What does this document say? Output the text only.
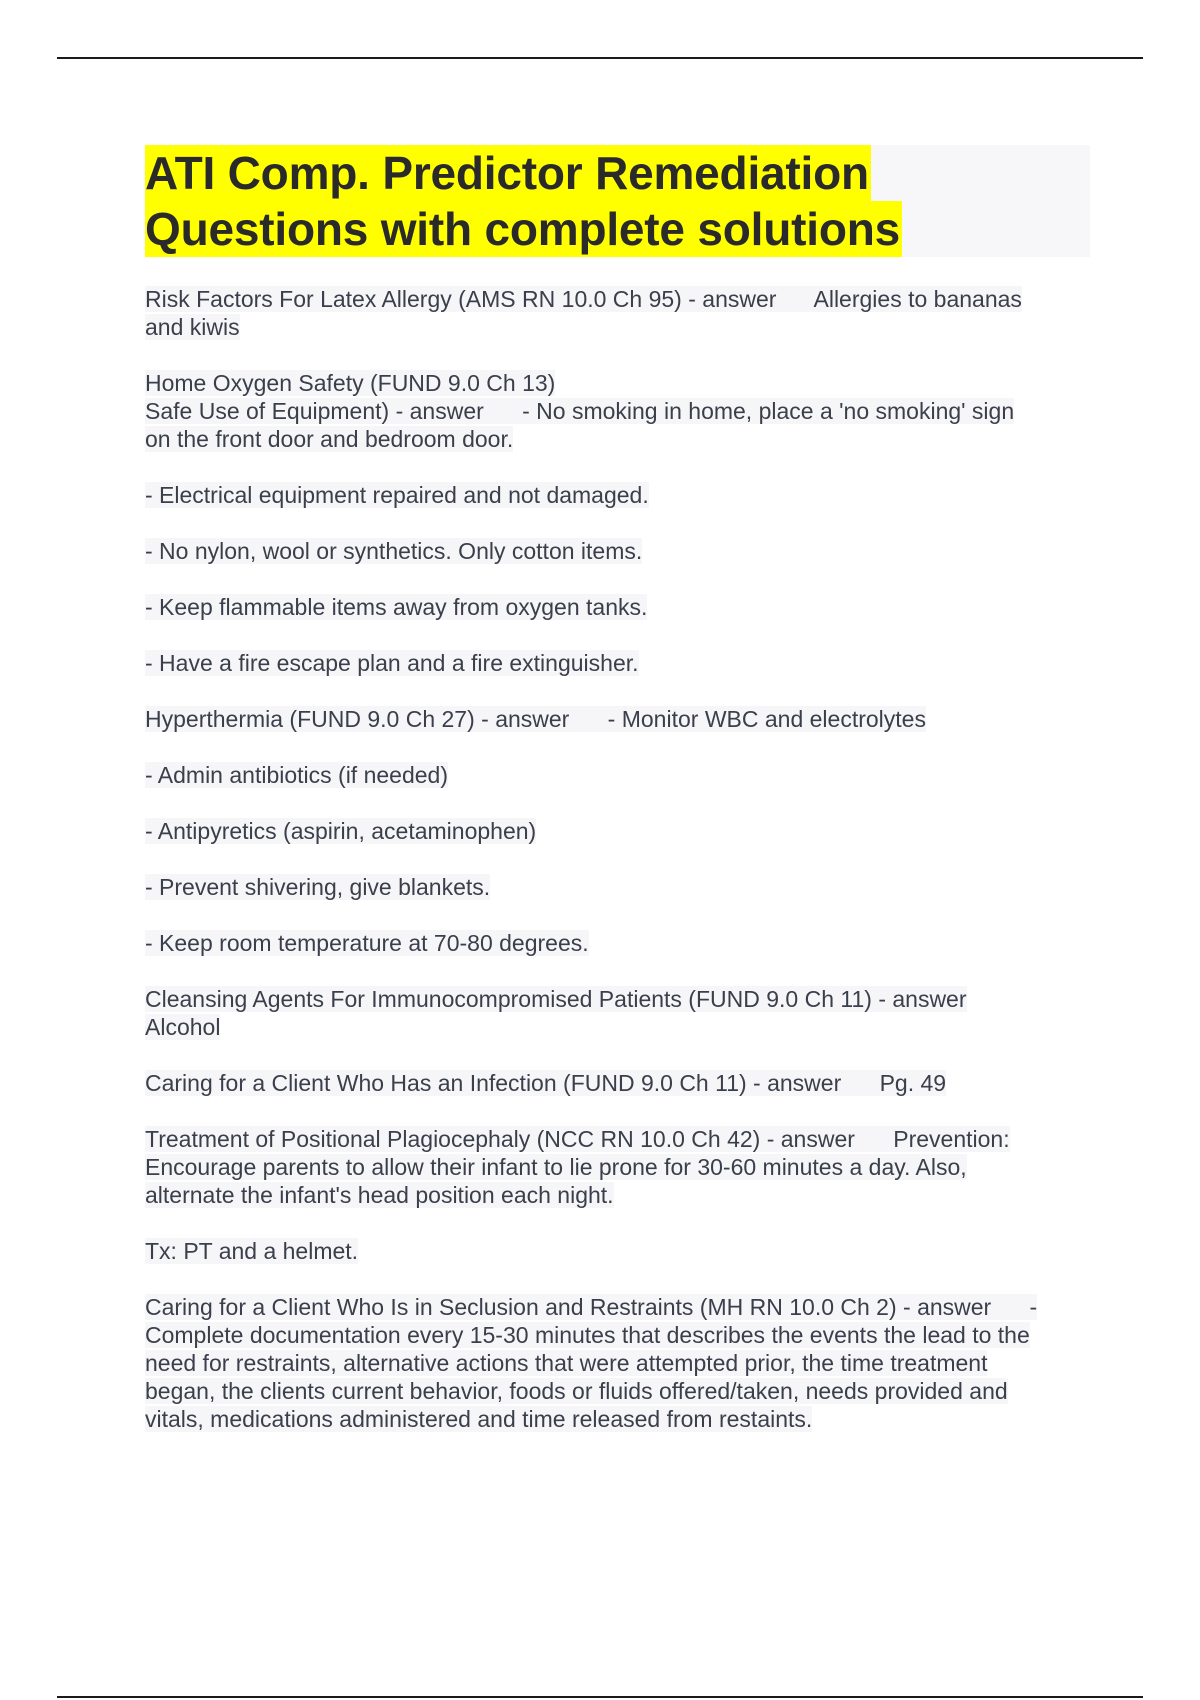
ATI Comp. Predictor Remediation
Questions with complete solutions
Risk Factors For Latex Allergy (AMS RN 10.0 Ch 95) - answer      Allergies to bananas
and kiwis
Home Oxygen Safety (FUND 9.0 Ch 13)
Safe Use of Equipment) - answer      - No smoking in home, place a 'no smoking' sign
on the front door and bedroom door.
- Electrical equipment repaired and not damaged.
- No nylon, wool or synthetics. Only cotton items.
- Keep flammable items away from oxygen tanks.
- Have a fire escape plan and a fire extinguisher.
Hyperthermia (FUND 9.0 Ch 27) - answer      - Monitor WBC and electrolytes
- Admin antibiotics (if needed)
- Antipyretics (aspirin, acetaminophen)
- Prevent shivering, give blankets.
- Keep room temperature at 70-80 degrees.
Cleansing Agents For Immunocompromised Patients (FUND 9.0 Ch 11) - answer
Alcohol
Caring for a Client Who Has an Infection (FUND 9.0 Ch 11) - answer      Pg. 49
Treatment of Positional Plagiocephaly (NCC RN 10.0 Ch 42) - answer      Prevention:
Encourage parents to allow their infant to lie prone for 30-60 minutes a day. Also,
alternate the infant's head position each night.
Tx: PT and a helmet.
Caring for a Client Who Is in Seclusion and Restraints (MH RN 10.0 Ch 2) - answer      -
Complete documentation every 15-30 minutes that describes the events the lead to the
need for restraints, alternative actions that were attempted prior, the time treatment
began, the clients current behavior, foods or fluids offered/taken, needs provided and
vitals, medications administered and time released from restaints.
